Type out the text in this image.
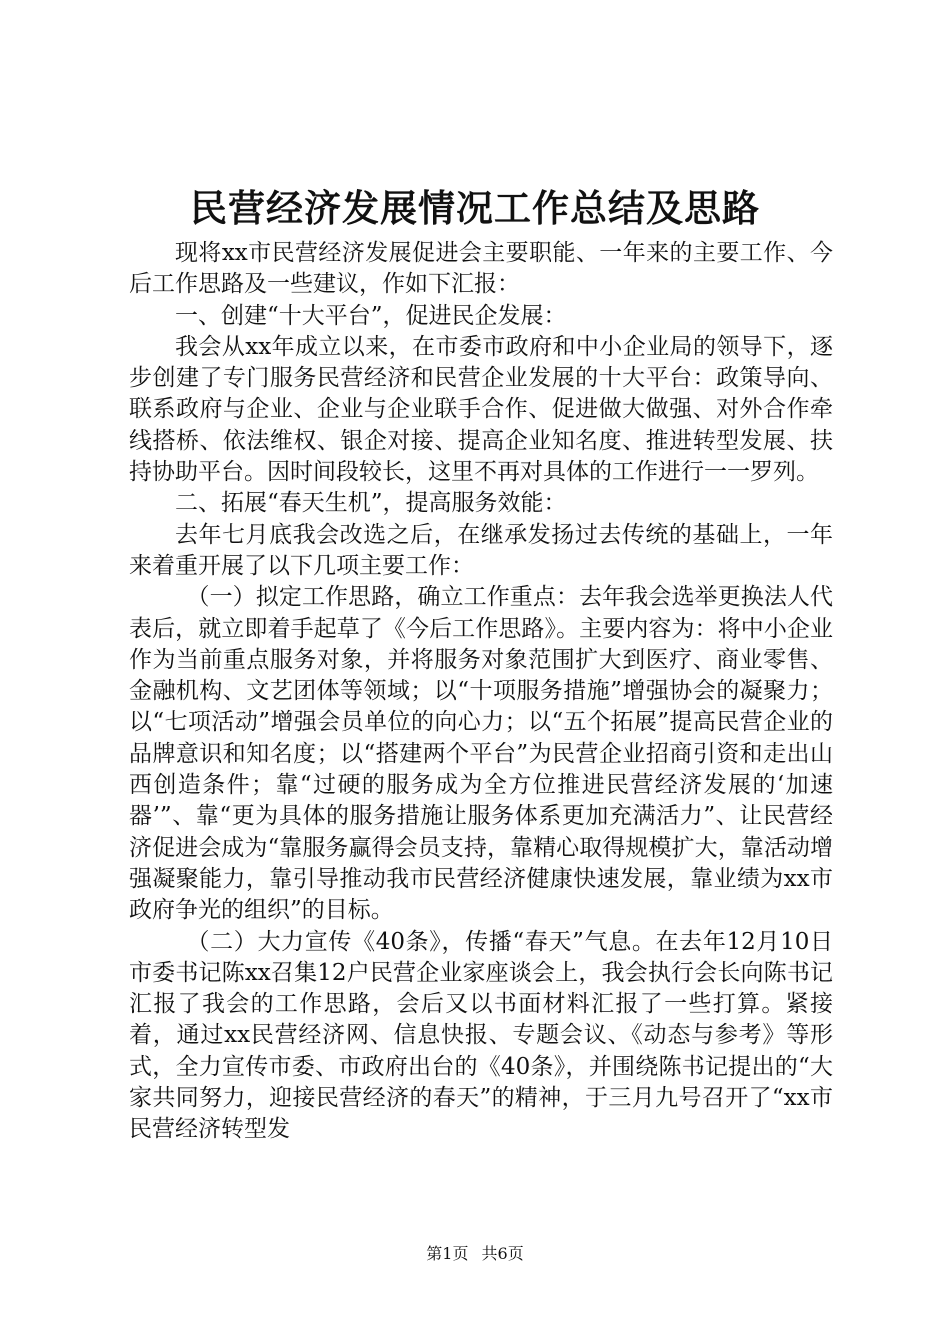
民营经济发展情况工作总结及思路

现将xx市民营经济发展促进会主要职能、一年来的主要工作、今后工作思路及一些建议，作如下汇报：

一、创建“十大平台”，促进民企发展：

我会从xx年成立以来，在市委市政府和中小企业局的领导下，逐步创建了专门服务民营经济和民营企业发展的十大平台：政策导向、联系政府与企业、企业与企业联手合作、促进做大做强、对外合作牵线搭桥、依法维权、银企对接、提高企业知名度、推进转型发展、扶持协助平台。因时间段较长，这里不再对具体的工作进行一一罗列。

二、拓展“春天生机”，提高服务效能：

去年七月底我会改选之后，在继承发扬过去传统的基础上，一年来着重开展了以下几项主要工作：

（一）拟定工作思路，确立工作重点：去年我会选举更换法人代表后，就立即着手起草了《今后工作思路》。主要内容为：将中小企业作为当前重点服务对象，并将服务对象范围扩大到医疗、商业零售、金融机构、文艺团体等领域；以“十项服务措施”增强协会的凝聚力；以“七项活动”增强会员单位的向心力；以“五个拓展”提高民营企业的品牌意识和知名度；以“搭建两个平台”为民营企业招商引资和走出山西创造条件；靠“过硬的服务成为全方位推进民营经济发展的‘加速器’”、靠“更为具体的服务措施让服务体系更加充满活力”、让民营经济促进会成为“靠服务赢得会员支持，靠精心取得规模扩大，靠活动增强凝聚能力，靠引导推动我市民营经济健康快速发展，靠业绩为xx市政府争光的组织”的目标。

（二）大力宣传《40条》，传播“春天”气息。在去年12月10日市委书记陈xx召集12户民营企业家座谈会上，我会执行会长向陈书记汇报了我会的工作思路，会后又以书面材料汇报了一些打算。紧接着，通过xx民营经济网、信息快报、专题会议、《动态与参考》等形式，全力宣传市委、市政府出台的《40条》，并围绕陈书记提出的“大家共同努力，迎接民营经济的春天”的精神，于三月九号召开了“xx市民营经济转型发

第1页 共6页
